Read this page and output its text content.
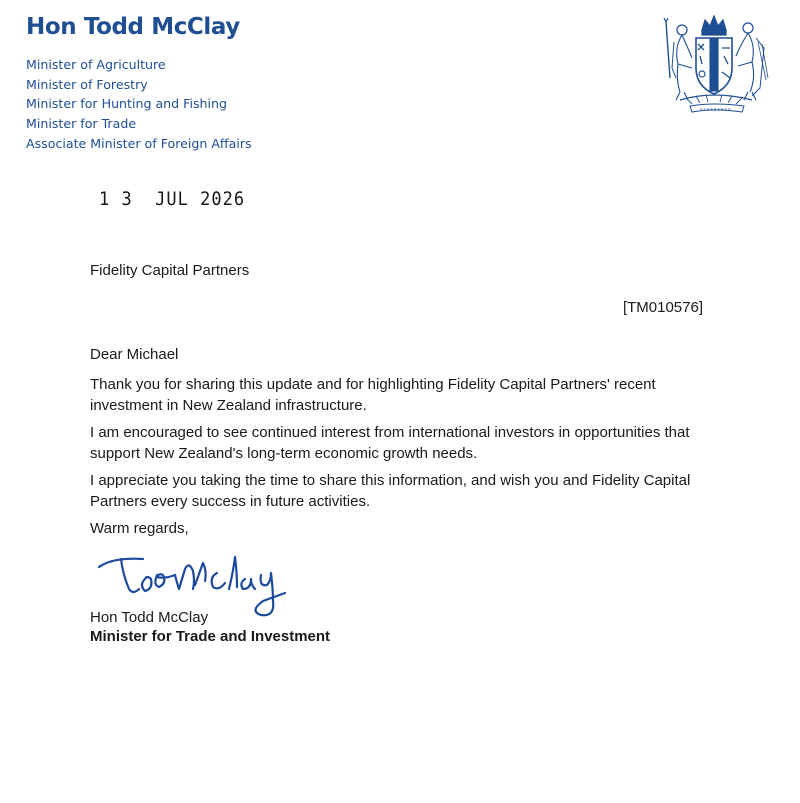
Hon Todd McClay
Minister of Agriculture
Minister of Forestry
Minister for Hunting and Fishing
Minister for Trade
Associate Minister of Foreign Affairs
1 3  JUL 2026
Fidelity Capital Partners
[TM010576]
Dear Michael

Thank you for sharing this update and for highlighting Fidelity Capital Partners' recent investment in New Zealand infrastructure.

I am encouraged to see continued interest from international investors in opportunities that support New Zealand's long-term economic growth needs.

I appreciate you taking the time to share this information, and wish you and Fidelity Capital Partners every success in future activities.

Warm regards,
Hon Todd McClay
Minister for Trade and Investment
